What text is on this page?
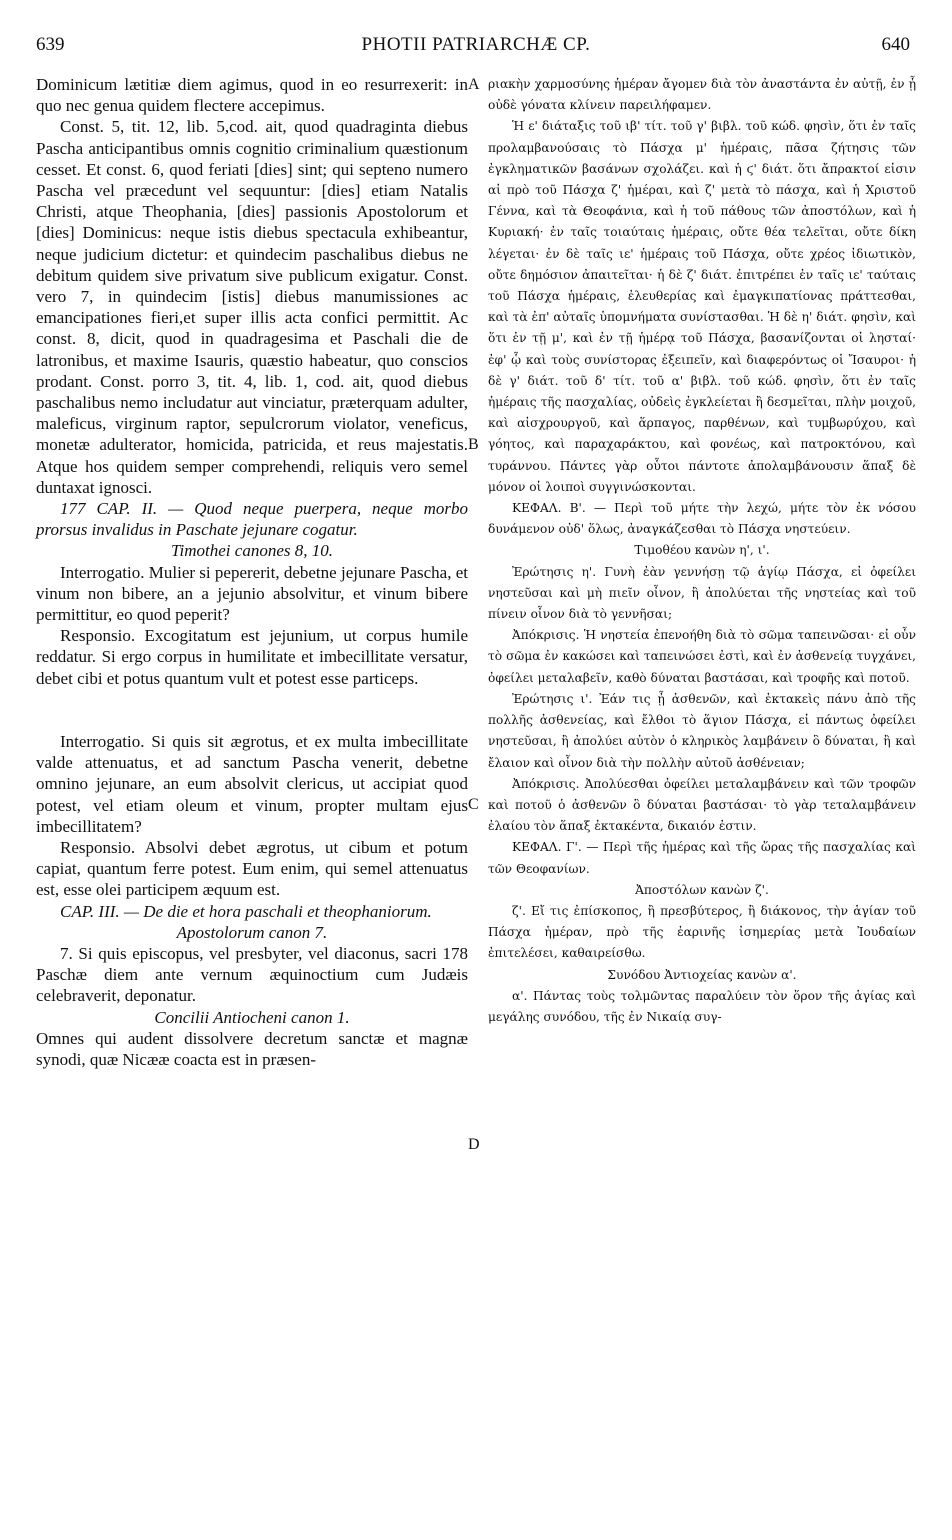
PHOTII PATRIARCHÆ CP.
639	640
A
B
C
D

Dominicum lætitiæ diem agimus, quod in eo resurrexerit: in quo nec genua quidem flectere accepimus.

Const. 5, tit. 12, lib. 5,cod. ait, quod quadraginta diebus Pascha anticipantibus omnis cognitio criminalium quæstionum cesset. Et const. 6, quod feriati [dies] sint; qui septeno numero Pascha vel præcedunt vel sequuntur: [dies] etiam Natalis Christi, atque Theophania, [dies] passionis Apostolorum et [dies] Dominicus: neque istis diebus spectacula exhibeantur, neque judicium dictetur: et quindecim paschalibus diebus ne debitum quidem sive privatum sive publicum exigatur. Const. vero 7, in quindecim [istis] diebus manumissiones ac emancipationes fieri,et super illis acta confici permittit. Ac const. 8, dicit, quod in quadragesima et Paschali die de latronibus, et maxime Isauris, quæstio habeatur, quo conscios prodant. Const. porro 3, tit. 4, lib. 1, cod. ait, quod diebus paschalibus nemo includatur aut vinciatur, præterquam adulter, maleficus, virginum raptor, sepulcrorum violator, veneficus, monetæ adulterator, homicida, patricida, et reus majestatis. Atque hos quidem semper comprehendi, reliquis vero semel duntaxat ignosci.

177 CAP. II. — Quod neque puerpera, neque morbo prorsus invalidus in Paschate jejunare cogatur.

Timothei canones 8, 10.

Interrogatio. Mulier si pepererit, debetne jejunare Pascha, et vinum non bibere, an a jejunio absolvitur, et vinum bibere permittitur, eo quod peperit?

Responsio. Excogitatum est jejunium, ut corpus humile reddatur. Si ergo corpus in humilitate et imbecillitate versatur, debet cibi et potus quantum vult et potest esse particeps.

Interrogatio. Si quis sit ægrotus, et ex multa imbecillitate valde attenuatus, et ad sanctum Pascha venerit, debetne omnino jejunare, an eum absolvit clericus, ut accipiat quod potest, vel etiam oleum et vinum, propter multam ejus imbecillitatem?

Responsio. Absolvi debet ægrotus, ut cibum et potum capiat, quantum ferre potest. Eum enim, qui semel attenuatus est, esse olei participem æquum est.

CAP. III. — De die et hora paschali et theophaniorum.

Apostolorum canon 7.

7. Si quis episcopus, vel presbyter, vel diaconus, sacri 178 Paschæ diem ante vernum æquinoctium cum Judæis celebraverit, deponatur.

Concilii Antiocheni canon 1.

Omnes qui audent dissolvere decretum sanctæ et magnæ synodi, quæ Nicææ coacta est in præsen-

ριακὴν χαρμοσύνης ἡμέραν ἄγομεν διὰ τὸν ἀναστάντα ἐν αὐτῇ, ἐν ᾗ οὐδὲ γόνατα κλίνειν παρειλήφαμεν.

Ἡ ε' διάταξις τοῦ ιβ' τίτ. τοῦ γ' βιβλ. τοῦ κώδ. φησὶν, ὅτι ἐν ταῖς προλαμβανούσαις τὸ Πάσχα μ' ἡμέραις, πᾶσα ζήτησις τῶν ἐγκληματικῶν βασάνων σχολάζει. καὶ ἡ ϛ' διάτ. ὅτι ἄπρακτοί εἰσιν αἱ πρὸ τοῦ Πάσχα ζ' ἡμέραι, καὶ ζ' μετὰ τὸ πάσχα, καὶ ἡ Χριστοῦ Γέννα, καὶ τὰ Θεοφάνια, καὶ ἡ τοῦ πάθους τῶν ἀποστόλων, καὶ ἡ Κυριακή· ἐν ταῖς τοιαύταις ἡμέραις, οὔτε θέα τελεῖται, οὔτε δίκη λέγεται· ἐν δὲ ταῖς ιε' ἡμέραις τοῦ Πάσχα, οὔτε χρέος ἰδιωτικὸν, οὔτε δημόσιον ἀπαιτεῖται· ἡ δὲ ζ' διάτ. ἐπιτρέπει ἐν ταῖς ιε' ταύταις τοῦ Πάσχα ἡμέραις, ἐλευθερίας καὶ ἐμαγκιπατίονας πράττεσθαι, καὶ τὰ ἐπ' αὐταῖς ὑπομνήματα συνίστασθαι. Ἡ δὲ η' διάτ. φησὶν, καὶ ὅτι ἐν τῇ μ', καὶ ἐν τῇ ἡμέρᾳ τοῦ Πάσχα, βασανίζονται οἱ λησταί· ἐφ' ᾧ καὶ τοὺς συνίστορας ἐξειπεῖν, καὶ διαφερόντως οἱ Ἴσαυροι· ἡ δὲ γ' διάτ. τοῦ δ' τίτ. τοῦ α' βιβλ. τοῦ κώδ. φησὶν, ὅτι ἐν ταῖς ἡμέραις τῆς πασχαλίας, οὐδεὶς ἐγκλείεται ἢ δεσμεῖται, πλὴν μοιχοῦ, καὶ αἰσχρουργοῦ, καὶ ἅρπαγος, παρθένων, καὶ τυμβωρύχου, καὶ γόητος, καὶ παραχαράκτου, καὶ φονέως, καὶ πατροκτόνου, καὶ τυράννου. Πάντες γὰρ οὗτοι πάντοτε ἀπολαμβάνουσιν ἅπαξ δὲ μόνον οἱ λοιποὶ συγγινώσκονται.

ΚΕΦΑΛ. Β'. — Περὶ τοῦ μήτε τὴν λεχώ, μήτε τὸν ἐκ νόσου δυνάμενον οὐδ' ὅλως, ἀναγκάζεσθαι τὸ Πάσχα νηστεύειν.

Τιμοθέου κανὼν η', ι'.

Ἐρώτησις η'. Γυνὴ ἐὰν γεννήσῃ τῷ ἁγίῳ Πάσχα, εἰ ὀφείλει νηστεῦσαι καὶ μὴ πιεῖν οἶνον, ἢ ἀπολύεται τῆς νηστείας καὶ τοῦ πίνειν οἶνον διὰ τὸ γεννῆσαι;

Ἀπόκρισις. Ἡ νηστεία ἐπενοήθη διὰ τὸ σῶμα ταπεινῶσαι· εἰ οὖν τὸ σῶμα ἐν κακώσει καὶ ταπεινώσει ἐστὶ, καὶ ἐν ἀσθενείᾳ τυγχάνει, ὀφείλει μεταλαβεῖν, καθὸ δύναται βαστάσαι, καὶ τροφῆς καὶ ποτοῦ.

Ἐρώτησις ι'. Ἐάν τις ᾖ ἀσθενῶν, καὶ ἐκτακεὶς πάνυ ἀπὸ τῆς πολλῆς ἀσθενείας, καὶ ἔλθοι τὸ ἅγιον Πάσχα, εἰ πάντως ὀφείλει νηστεῦσαι, ἢ ἀπολύει αὐτὸν ὁ κληρικὸς λαμβάνειν ὃ δύναται, ἢ καὶ ἔλαιον καὶ οἶνον διὰ τὴν πολλὴν αὐτοῦ ἀσθένειαν;

Ἀπόκρισις. Ἀπολύεσθαι ὀφείλει μεταλαμβάνειν καὶ τῶν τροφῶν καὶ ποτοῦ ὁ ἀσθενῶν ὃ δύναται βαστάσαι· τὸ γὰρ τεταλαμβάνειν ἐλαίου τὸν ἅπαξ ἐκτακέντα, δικαιόν ἐστιν.

ΚΕΦΑΛ. Γ'. — Περὶ τῆς ἡμέρας καὶ τῆς ὥρας τῆς πασχαλίας καὶ τῶν Θεοφανίων.

Ἀποστόλων κανὼν ζ'.

ζ'. Εἴ τις ἐπίσκοπος, ἢ πρεσβύτερος, ἢ διάκονος, τὴν ἁγίαν τοῦ Πάσχα ἡμέραν, πρὸ τῆς ἐαρινῆς ἰσημερίας μετὰ Ἰουδαίων ἐπιτελέσει, καθαιρείσθω.

Συνόδου Ἀντιοχείας κανὼν α'.

α'. Πάντας τοὺς τολμῶντας παραλύειν τὸν ὅρον τῆς ἁγίας καὶ μεγάλης συνόδου, τῆς ἐν Νικαίᾳ συγ-
